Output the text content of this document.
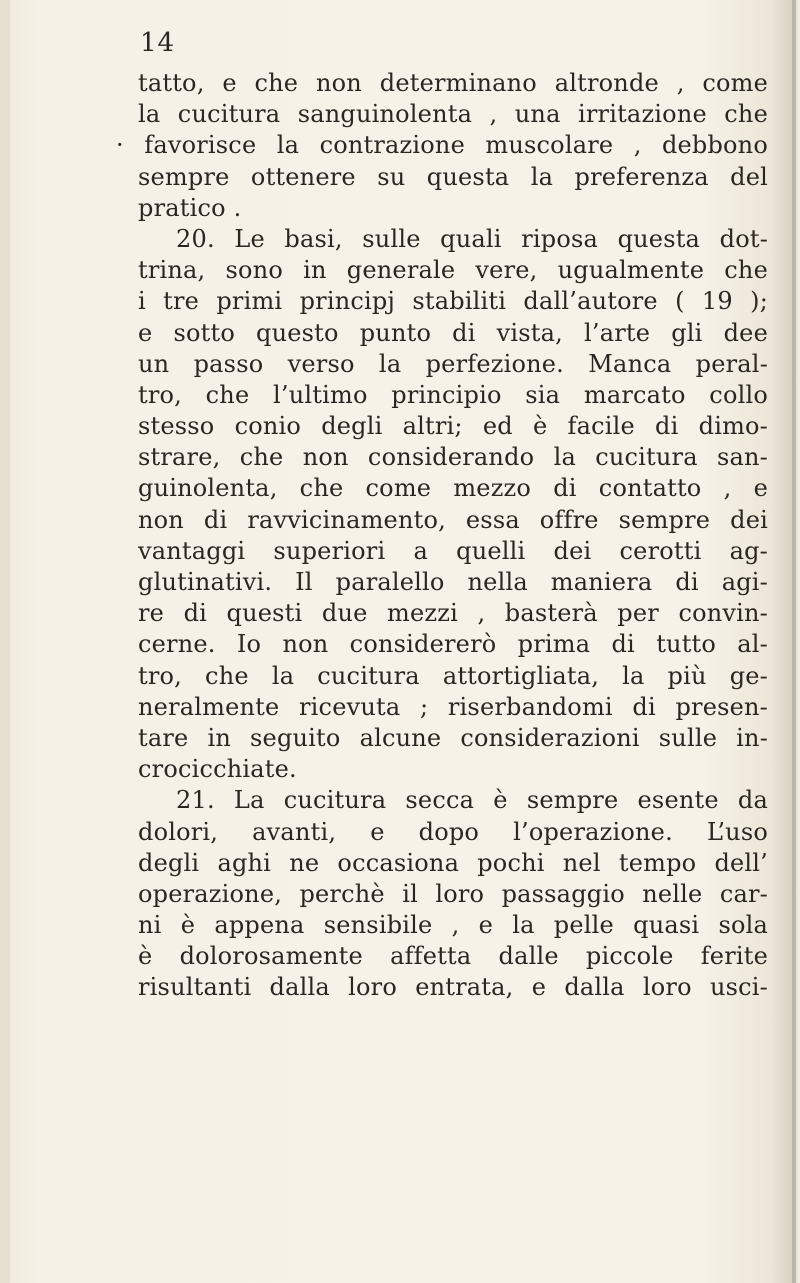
14
tatto, e che non determinano altronde , come
la cucitura sanguinolenta , una irritazione che
· favorisce la contrazione muscolare , debbono
sempre ottenere su questa la preferenza del
pratico .
20. Le basi, sulle quali riposa questa dot-
trina, sono in generale vere, ugualmente che
i tre primi principj stabiliti dall’autore ( 19 );
e sotto questo punto di vista, l’arte gli dee
un passo verso la perfezione. Manca peral-
tro, che l’ultimo principio sia marcato collo
stesso conio degli altri; ed è facile di dimo-
strare, che non considerando la cucitura san-
guinolenta, che come mezzo di contatto , e
non di ravvicinamento, essa offre sempre dei
vantaggi superiori a quelli dei cerotti ag-
glutinativi. Il paralello nella maniera di agi-
re di questi due mezzi , basterà per convin-
cerne. Io non considererò prima di tutto al-
tro, che la cucitura attortigliata, la più ge-
neralmente ricevuta ; riserbandomi di presen-
tare in seguito alcune considerazioni sulle in-
crocicchiate.
21. La cucitura secca è sempre esente da
dolori, avanti, e dopo l’operazione. L’uso
degli aghi ne occasiona pochi nel tempo dell’
operazione, perchè il loro passaggio nelle car-
ni è appena sensibile , e la pelle quasi sola
è dolorosamente affetta dalle piccole ferite
risultanti dalla loro entrata, e dalla loro usci-
